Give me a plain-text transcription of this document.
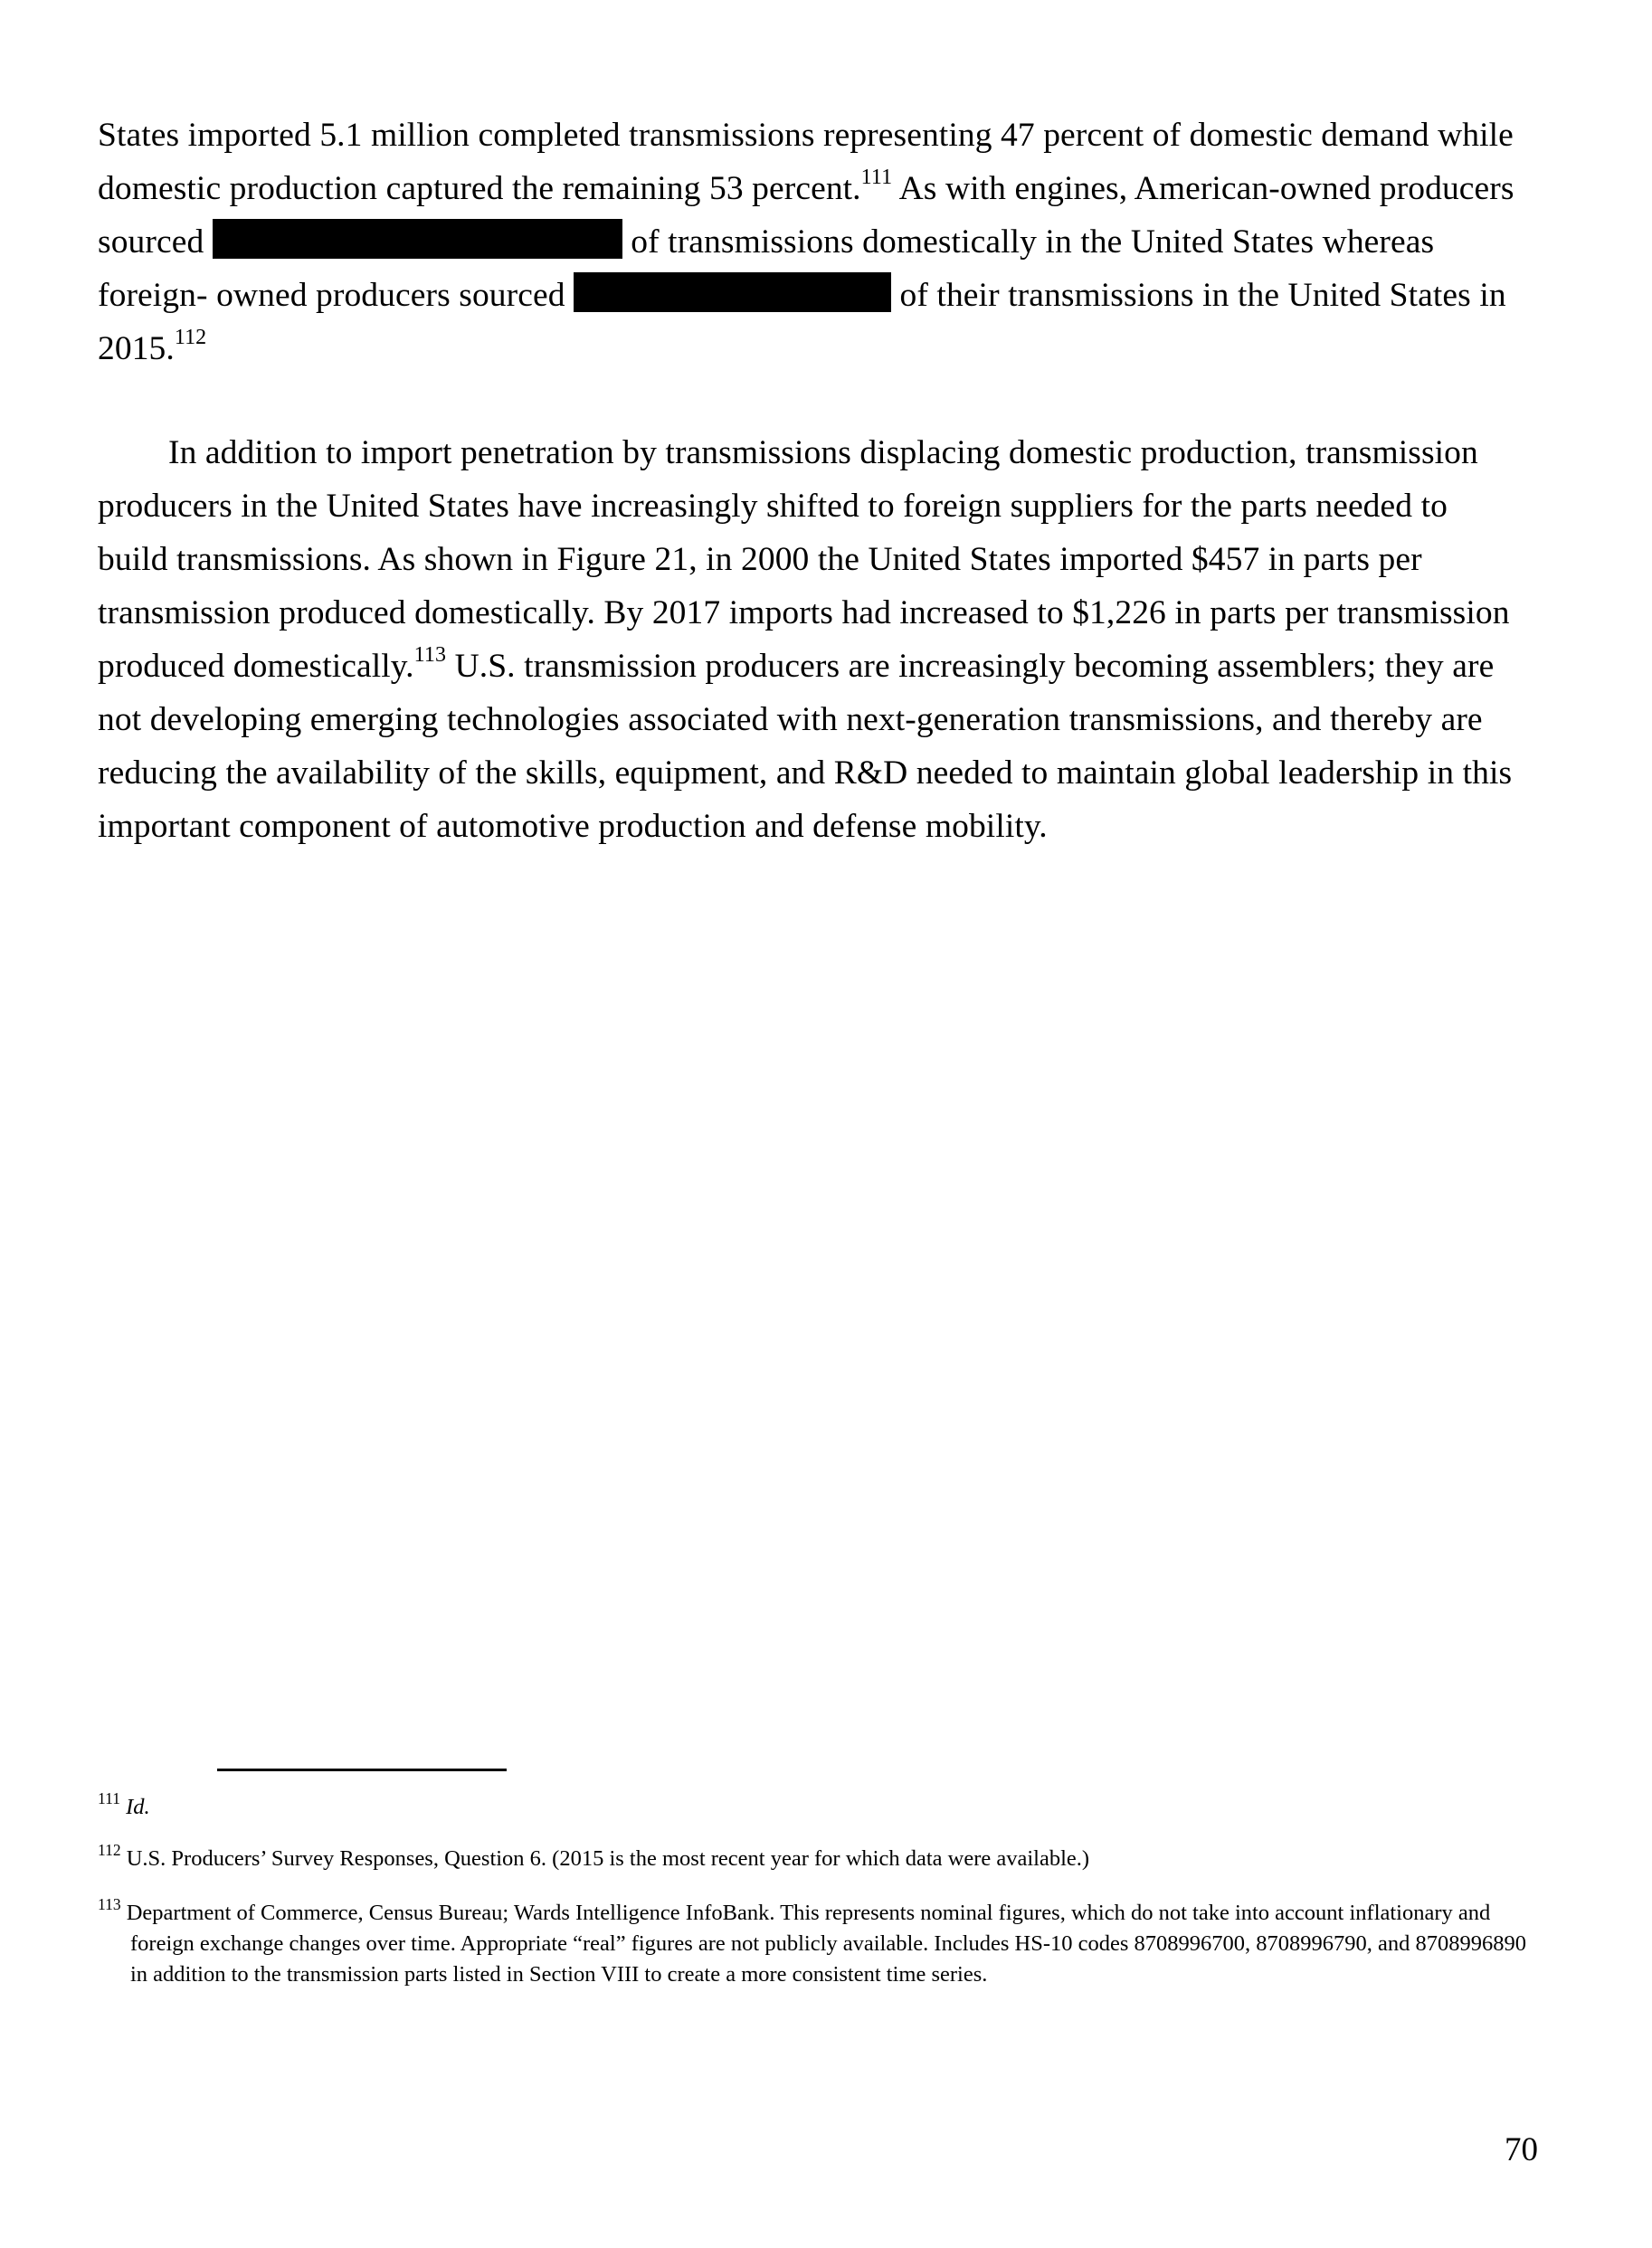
States imported 5.1 million completed transmissions representing 47 percent of domestic demand while domestic production captured the remaining 53 percent.$^{111}$ As with engines, American-owned producers sourced	of transmissions domestically in the United States whereas foreign- owned producers sourced	of their transmissions in the United States in 2015.$^{112}$

In addition to import penetration by transmissions displacing domestic production, transmission producers in the United States have increasingly shifted to foreign suppliers for the parts needed to build transmissions. As shown in Figure 21, in 2000 the United States imported $457 in parts per transmission produced domestically. By 2017 imports had increased to $1,226 in parts per transmission produced domestically.$^{113}$ U.S. transmission producers are increasingly becoming assemblers; they are not developing emerging technologies associated with next-generation transmissions, and thereby are reducing the availability of the skills, equipment, and R&D needed to maintain global leadership in this important component of automotive production and defense mobility.

$^{111}$ Id.
$^{112}$ U.S. Producers’ Survey Responses, Question 6. (2015 is the most recent year for which data were available.)
$^{113}$ Department of Commerce, Census Bureau; Wards Intelligence InfoBank. This represents nominal figures, which do not take into account inflationary and foreign exchange changes over time. Appropriate “real” figures are not publicly available. Includes HS-10 codes 8708996700, 8708996790, and 8708996890 in addition to the transmission parts listed in Section VIII to create a more consistent time series.
70
